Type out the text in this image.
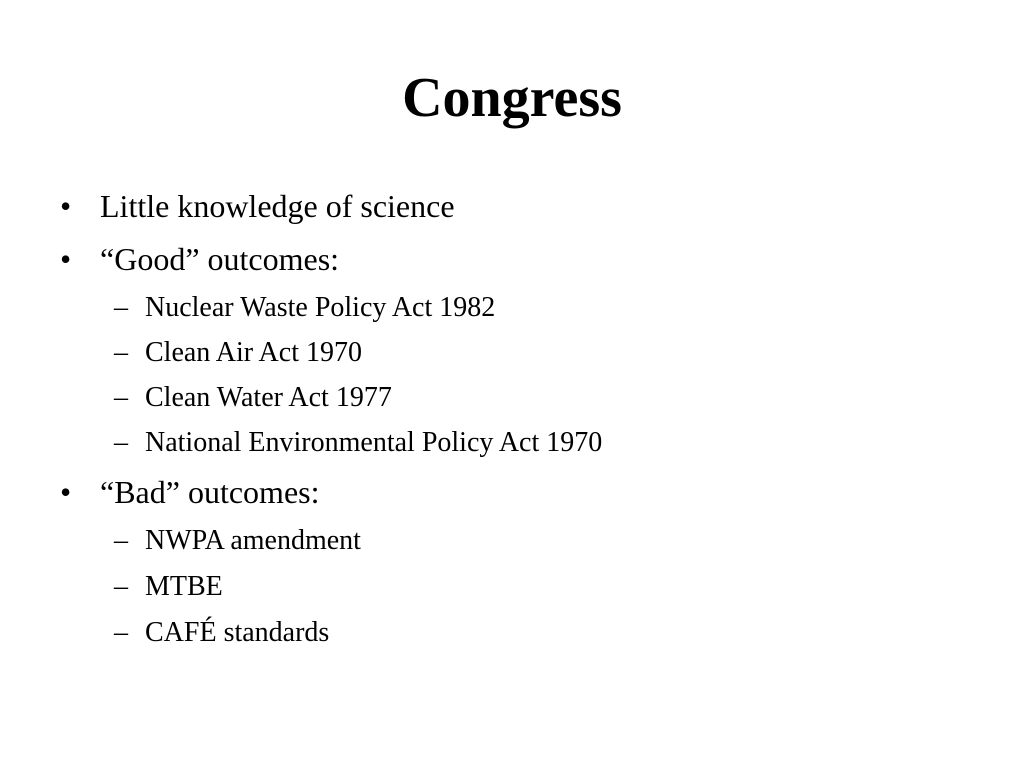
Congress
• Little knowledge of science
• “Good” outcomes:
– Nuclear Waste Policy Act 1982
– Clean Air Act 1970
– Clean Water Act 1977
– National Environmental Policy Act 1970
• “Bad” outcomes:
– NWPA amendment
– MTBE
– CAFÉ standards
